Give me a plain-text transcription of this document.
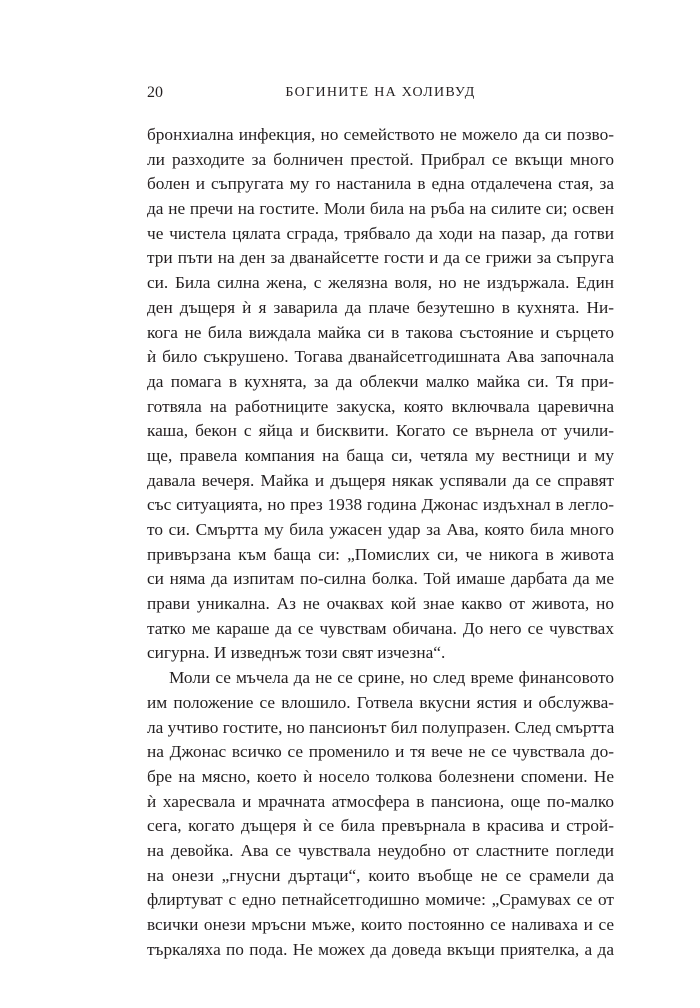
20	БОГИНИТЕ НА ХОЛИВУД
бронхиална инфекция, но семейството не можело да си позво-
ли разходите за болничен престой. Прибрал се вкъщи много
болен и съпругата му го настанила в една отдалечена стая, за
да не пречи на гостите. Моли била на ръба на силите си; освен
че чистела цялата сграда, трябвало да ходи на пазар, да готви
три пъти на ден за дванайсетте гости и да се грижи за съпруга
си. Била силна жена, с желязна воля, но не издържала. Един
ден дъщеря ѝ я заварила да плаче безутешно в кухнята. Ни-
кога не била виждала майка си в такова състояние и сърцето
ѝ било съкрушено. Тогава дванайсетгодишната Ава започнала
да помага в кухнята, за да облекчи малко майка си. Тя при-
готвяла на работниците закуска, която включвала царевична
каша, бекон с яйца и бисквити. Когато се върнела от учили-
ще, правела компания на баща си, четяла му вестници и му
давала вечеря. Майка и дъщеря някак успявали да се справят
със ситуацията, но през 1938 година Джонас издъхнал в легло-
то си. Смъртта му била ужасен удар за Ава, която била много
привързана към баща си: „Помислих си, че никога в живота
си няма да изпитам по-силна болка. Той имаше дарбата да ме
прави уникална. Аз не очаквах кой знае какво от живота, но
татко ме караше да се чувствам обичана. До него се чувствах
сигурна. И изведнъж този свят изчезна“.
Моли се мъчела да не се срине, но след време финансовото
им положение се влошило. Готвела вкусни ястия и обслужва-
ла учтиво гостите, но пансионът бил полупразен. След смъртта
на Джонас всичко се променило и тя вече не се чувствала до-
бре на мясно, което ѝ носело толкова болезнени спомени. Не
ѝ харесвала и мрачната атмосфера в пансиона, още по-малко
сега, когато дъщеря ѝ се била превърнала в красива и строй-
на девойка. Ава се чувствала неудобно от сластните погледи
на онези „гнусни дъртаци“, които въобще не се срамели да
флиртуват с едно петнайсетгодишно момиче: „Срамувах се от
всички онези мръсни мъже, които постоянно се наливаха и се
търкаляха по пода. Не можех да доведа вкъщи приятелка, а да
